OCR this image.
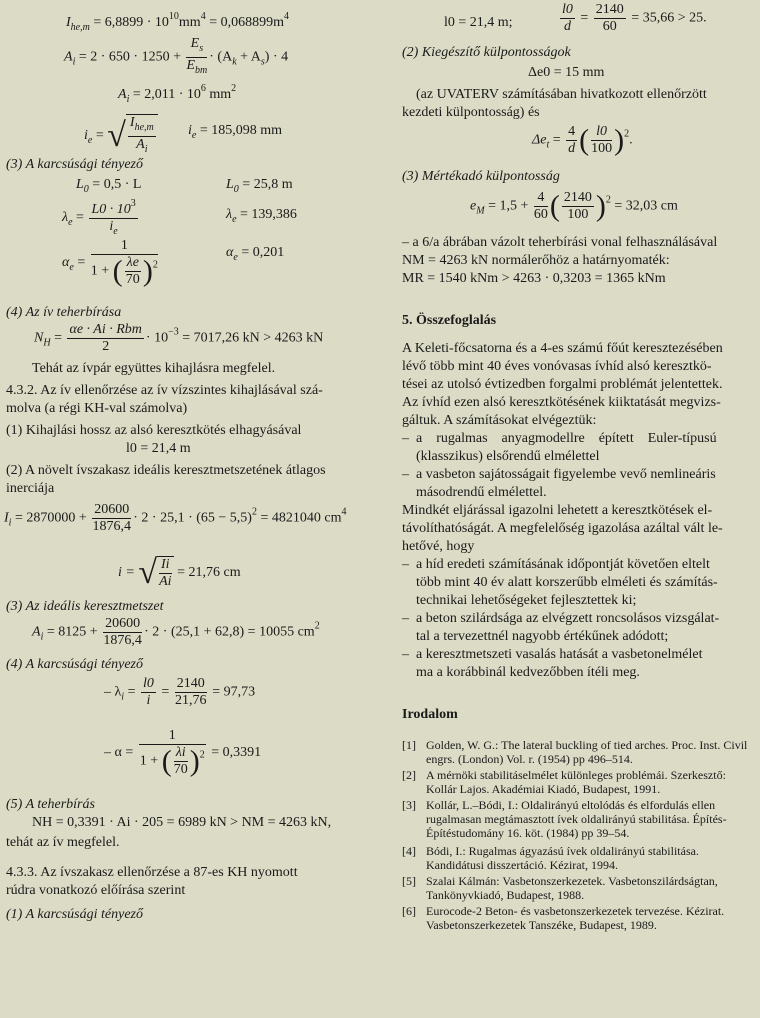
$I_{he,m} = 6,8899 \cdot 10^{10}mm^4 = 0,068899m^4$
$A_i = 2 \cdot 650 \cdot 1250$ +
$E_s$
$E_{bm}$
· $(A_k + A_s) \cdot 4$
$A_i = 2,011 \cdot 10^6$ $mm^2$
$i_e$ = √ $I_{he,m}$
$A_i$
$i_e = 185,098$ mm
(3) A karcsúsági tényező
$L_0 = 0,5 \cdot L$	$L_0 = 25,8$ m
$\lambda_e = \frac{L0 \cdot 10^3}{i_e}$	$\lambda_e = 139,386$
$\alpha_e = \frac{1}{1 + ( \frac{\lambda e}{70} )^2}$	$\alpha_e = 0,201$
(4) Az ív teherbírása
$N_H$ =
αe · Ai · Rbm
2
· $10^{-3} = 7017,26$ kN > 4263 kN
Tehát az ívpár együttes kihajlásra megfelel.
4.3.2. Az ív ellenőrzése az ív vízszintes kihajlásával szá-
molva (a régi KH-val számolva)
(1) Kihajlási hossz az alsó keresztkötés elhagyásával
l0 = 21,4 m
(2) A növelt ívszakasz ideális keresztmetszetének átlagos
inerciája
$I_i = 2870000 + \frac{20600}{1876,4} \cdot 2 \cdot 25,1 \cdot (65 - 5,5)^2 = 4821040$ $cm^4$
i = √ $\frac{Ii}{Ai} = 21,76$ cm
(3) Az ideális keresztmetszet
$A_i = 8125 + \frac{20600}{1876,4} \cdot 2 \cdot (25,1 + 62,8) = 10055$ $cm^2$
(4) A karcsúsági tényező
– $\lambda_i = \frac{l0}{i} = \frac{2140}{21,76} = 97,73$
– $\alpha = \frac{1}{1 + ( \frac{\lambda i}{70} )^2} = 0,3391$
(5) A teherbírás
NH = 0,3391 · Ai · 205 = 6989 kN > NM = 4263 kN,
tehát az ív megfelel.
4.3.3. Az ívszakasz ellenőrzése a 87-es KH nyomott
rúdra vonatkozó előírása szerint
(1) A karcsúsági tényező
l0 = 21,4 m;	$\frac{l0}{d} = \frac{2140}{60} = 35,66 > 25$.
(2) Kiegészítő külpontosságok
Δe0 = 15 mm
(az UVATERV számításában hivatkozott ellenőrzött
kezdeti külpontosság) és
$\Delta e_t = \frac{4}{d}$ ( $\frac{l0}{100} )^2$.
(3) Mértékadó külpontosság
$e_M = 1,5 + \frac{4}{60}$ ( $\frac{2140}{100} )^2 = 32,03$ cm
– a 6/a ábrában vázolt teherbírási vonal felhasználásával
NM = 4263 kN normálerőhöz a határnyomaték:
MR = 1540 kNm > 4263 · 0,3203 = 1365 kNm
5. Összefoglalás
A Keleti-főcsatorna és a 4-es számú főút keresztezésében
lévő több mint 40 éves vonóvasas ívhíd alsó keresztkö-
tései az utolsó évtizedben forgalmi problémát jelentettek.
Az ívhíd ezen alsó keresztkötésének kiiktatását megvizs-
gáltuk. A számításokat elvégeztük:
–  a    rugalmas    anyagmodellre    épített    Euler-típusú
(klasszikus) elsőrendű elmélettel
–  a vasbeton sajátosságait figyelembe vevő nemlineáris
másodrendű elmélettel.
Mindkét eljárással igazolni lehetett a keresztkötések el-
távolíthatóságát. A megfelelőség igazolása azáltal vált le-
hetővé, hogy
–  a híd eredeti számításának időpontját követően eltelt
több mint 40 év alatt korszerűbb elméleti és számítás-
technikai lehetőségeket fejlesztettek ki;
–  a beton szilárdsága az elvégzett roncsolásos vizsgálat-
tal a tervezettnél nagyobb értékűnek adódott;
–  a keresztmetszeti vasalás hatását a vasbetonelmélet
ma a korábbinál kedvezőbben ítéli meg.
Irodalom
[1] Golden, W. G.: The lateral buckling of tied arches. Proc. Inst. Civil engrs. (London) Vol. r. (1954) pp 496–514.
[2] A mérnöki stabilitáselmélet különleges problémái. Szerkesztő: Kollár Lajos. Akadémiai Kiadó, Budapest, 1991.
[3] Kollár, L.–Bódi, I.: Oldalirányú eltolódás és elfordulás ellen rugalmasan megtámasztott ívek oldalirányú stabilitása. Építés-Építéstudomány 16. köt. (1984) pp 39–54.
[4] Bódi, I.: Rugalmas ágyazású ívek oldalirányú stabilitása. Kandidátusi disszertáció. Kézirat, 1994.
[5] Szalai Kálmán: Vasbetonszerkezetek. Vasbetonszilárdságtan, Tankönyvkiadó, Budapest, 1988.
[6] Eurocode-2 Beton- és vasbetonszerkezetek tervezése. Kézirat. Vasbetonszerkezetek Tanszéke, Budapest, 1989.
